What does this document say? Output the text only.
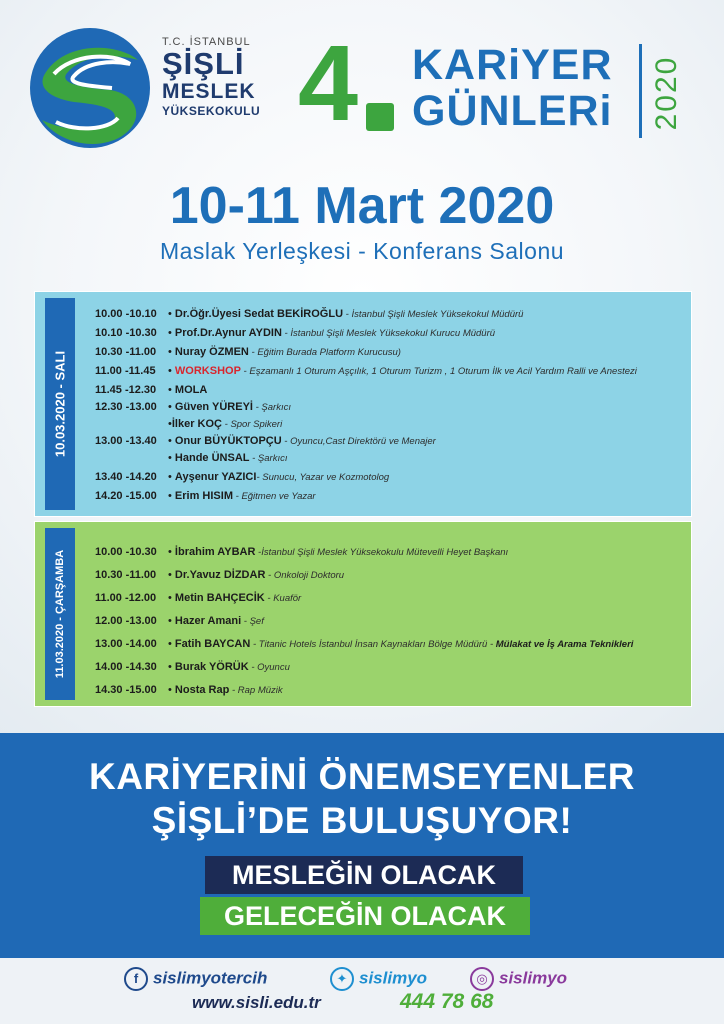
T.C. İSTANBUL
ŞİŞLİ
MESLEK
YÜKSEKOKULU 4 KARiYER
GÜNLERi	2020
10-11 Mart 2020
Maslak Yerleşkesi - Konferans Salonu
10.03.2020 - SALI
10.00 -10.10 • Dr.Öğr.Üyesi Sedat BEKİROĞLU - İstanbul Şişli Meslek Yüksekokul Müdürü
10.10 -10.30 • Prof.Dr.Aynur AYDIN - İstanbul Şişli Meslek Yüksekokul Kurucu Müdürü
10.30 -11.00 • Nuray ÖZMEN - Eğitim Burada Platform Kurucusu)
11.00 -11.45 • WORKSHOP - Eşzamanlı 1 Oturum Aşçılık, 1 Oturum Turizm , 1 Oturum İlk ve Acil Yardım Ralli ve Anestezi
11.45 -12.30 • MOLA
12.30 -13.00 • Güven YÜREYİ - Şarkıcı
•İlker KOÇ - Spor Spikeri
13.00 -13.40 • Onur BÜYÜKTOPÇU - Oyuncu,Cast Direktörü ve Menajer
• Hande ÜNSAL - Şarkıcı
13.40 -14.20 • Ayşenur YAZICI- Sunucu, Yazar ve Kozmotolog
14.20 -15.00 • Erim HISIM - Eğitmen ve Yazar
11.03.2020 - ÇARŞAMBA	10.00 -10.30 • İbrahim AYBAR -İstanbul Şişli Meslek Yüksekokulu Mütevelli Heyet Başkanı
10.30 -11.00 • Dr.Yavuz DİZDAR - Onkoloji Doktoru
11.00 -12.00 • Metin BAHÇECİK - Kuaför
12.00 -13.00 • Hazer Amani - Şef
13.00 -14.00 • Fatih BAYCAN - Titanic Hotels İstanbul İnsan Kaynakları Bölge Müdürü - Mülakat ve İş Arama Teknikleri
14.00 -14.30 • Burak YÖRÜK - Oyuncu
14.30 -15.00 • Nosta Rap - Rap Müzik
KARİYERİNİ ÖNEMSEYENLER
ŞİŞLİ’DE BULUŞUYOR!
MESLEĞİN OLACAK
GELECEĞİN OLACAK
f sislimyotercih	✦ sislimyo	◎ sislimyo
www.sisli.edu.tr	444 78 68
